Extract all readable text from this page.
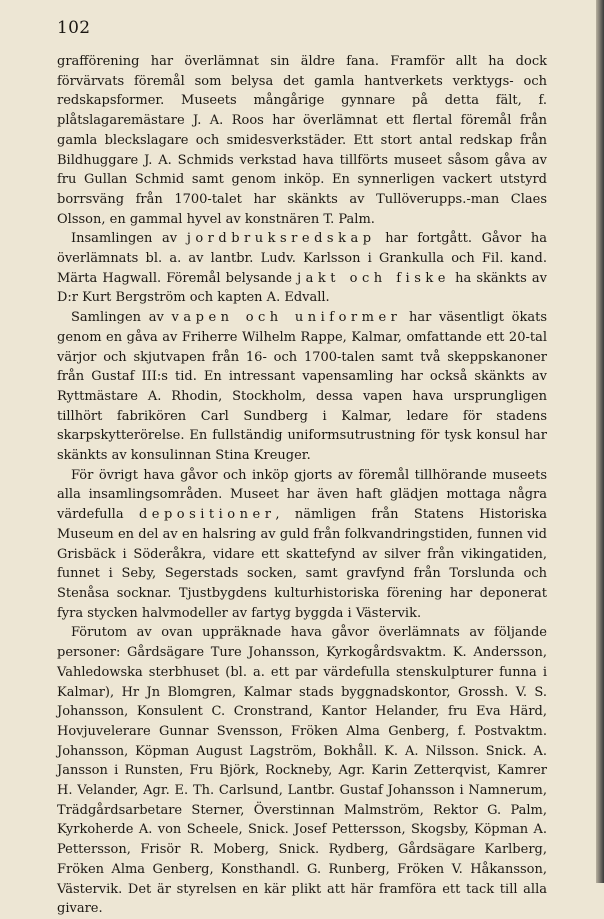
102

grafförening har överlämnat sin äldre fana. Framför allt ha dock förvärvats föremål som belysa det gamla hantverkets verktygs- och redskapsformer. Museets mångårige gynnare på detta fält, f. plåtslagaremästare J. A. Roos har överlämnat ett flertal föremål från gamla bleckslagare och smidesverkstäder. Ett stort antal redskap från Bildhuggare J. A. Schmids verkstad hava tillförts museet såsom gåva av fru Gullan Schmid samt genom inköp. En synnerligen vackert utstyrd borrsväng från 1700-talet har skänkts av Tullöverupps.-man Claes Olsson, en gammal hyvel av konstnären T. Palm.

Insamlingen av jordbruksredskap har fortgått. Gåvor ha överlämnats bl. a. av lantbr. Ludv. Karlsson i Grankulla och Fil. kand. Märta Hagwall. Föremål belysande jakt och fiske ha skänkts av D:r Kurt Bergström och kapten A. Edvall.

Samlingen av vapen och uniformer har väsentligt ökats genom en gåva av Friherre Wilhelm Rappe, Kalmar, omfattande ett 20-tal värjor och skjutvapen från 16- och 1700-talen samt två skeppskanoner från Gustaf III:s tid. En intressant vapensamling har också skänkts av Ryttmästare A. Rhodin, Stockholm, dessa vapen hava ursprungligen tillhört fabrikören Carl Sundberg i Kalmar, ledare för stadens skarpskytterörelse. En fullständig uniformsutrustning för tysk konsul har skänkts av konsulinnan Stina Kreuger.

För övrigt hava gåvor och inköp gjorts av föremål tillhörande museets alla insamlingsområden. Museet har även haft glädjen mottaga några värdefulla depositioner, nämligen från Statens Historiska Museum en del av en halsring av guld från folkvandringstiden, funnen vid Grisbäck i Söderåkra, vidare ett skattefynd av silver från vikingatiden, funnet i Seby, Segerstads socken, samt gravfynd från Torslunda och Stenåsa socknar. Tjustbygdens kulturhistoriska förening har deponerat fyra stycken halvmodeller av fartyg byggda i Västervik.

Förutom av ovan uppräknade hava gåvor överlämnats av följande personer: Gårdsägare Ture Johansson, Kyrkogårdsvaktm. K. Andersson, Vahledowska sterbhuset (bl. a. ett par värdefulla stenskulpturer funna i Kalmar), Hr Jn Blomgren, Kalmar stads byggnadskontor, Grossh. V. S. Johansson, Konsulent C. Cronstrand, Kantor Helander, fru Eva Härd, Hovjuvelerare Gunnar Svensson, Fröken Alma Genberg, f. Postvaktm. Johansson, Köpman August Lagström, Bokhåll. K. A. Nilsson. Snick. A. Jansson i Runsten, Fru Björk, Rockneby, Agr. Karin Zetterqvist, Kamrer H. Velander, Agr. E. Th. Carlsund, Lantbr. Gustaf Johansson i Namnerum, Trädgårdsarbetare Sterner, Överstinnan Malmström, Rektor G. Palm, Kyrkoherde A. von Scheele, Snick. Josef Pettersson, Skogsby, Köpman A. Pettersson, Frisör R. Moberg, Snick. Rydberg, Gårdsägare Karlberg, Fröken Alma Genberg, Konsthandl. G. Runberg, Fröken V. Håkansson, Västervik. Det är styrelsen en kär plikt att här framföra ett tack till alla givare.
